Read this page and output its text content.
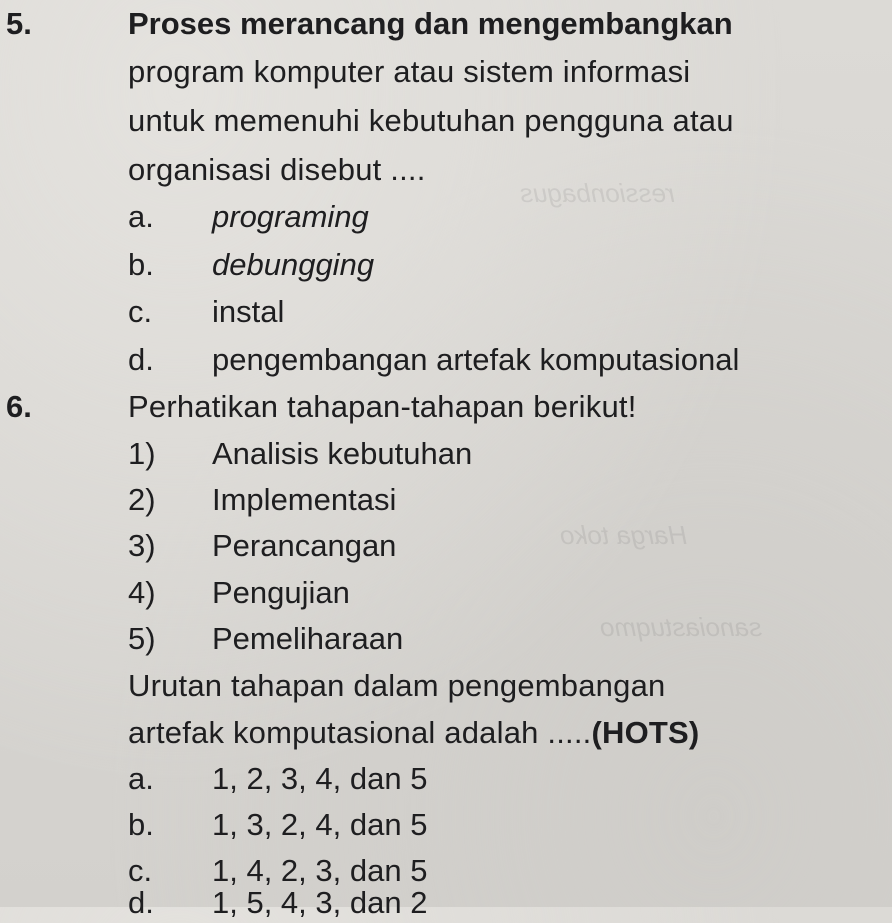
ressionbagus
Harga toko
sanoiastuqmo
5.	Proses merancang dan mengembangkan
program komputer atau sistem informasi
untuk memenuhi kebutuhan pengguna atau
organisasi disebut ....
a. programing
b. debungging
c. instal
d. pengembangan artefak komputasional
6.	Perhatikan tahapan-tahapan berikut!
1) Analisis kebutuhan
2) Implementasi
3) Perancangan
4) Pengujian
5) Pemeliharaan
Urutan tahapan dalam pengembangan
artefak komputasional adalah .....(HOTS)
a. 1, 2, 3, 4, dan 5
b. 1, 3, 2, 4, dan 5
c. 1, 4, 2, 3, dan 5
d. 1, 5, 4, 3, dan 2
